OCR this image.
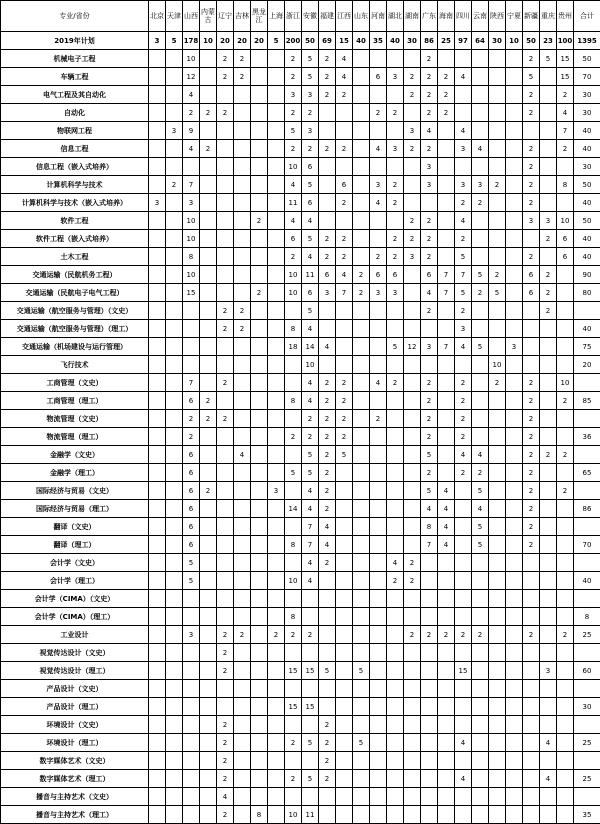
专业/省份	北京	天津	山西	内蒙古	辽宁	吉林	黑龙江	上海	浙江	安徽	福建	江西	山东	河南	湖北	湖南	广东	海南	四川	云南	陕西	宁夏	新疆	重庆	贵州	合计
2019年计划	3	5	178	10	20	20	20	5	200	50	69	15	40	35	40	30	86	25	97	64	30	10	50	23	100	1395
机械电子工程			10		2	2			2	5	2	4					2						2	5	15	50
车辆工程			12		2	2			2	5	2	4		6	3	2	2	2	4				5		15	70
电气工程及其自动化			4						3	3	2	2				2	2	2					2		2	30
自动化			2	2	2				2	2				2	2		2	2					2		4	30
物联网工程		3	9						5	3						3	4		4						7	40
信息工程			4	2					2	2	2	2		4	3	2	2		3	4			2		2	40
信息工程（嵌入式培养）									10	6							3						2			30
计算机科学与技术		2	7						4	5		6		3	2		3		3	3	2		2		8	50
计算机科学与技术（嵌入式培养）	3		3						11	6		2		4	2				2	2			2			40
软件工程			10				2		4	4						2	2		4				3	3	10	50
软件工程（嵌入式培养）			10						6	5	2	2			2	2	2		2					2	6	40
土木工程			8						2	4	2	2		2	2	3	2		5				2		6	40
交通运输（民航机务工程）			10						10	11	6	4	2	6	6		6	7	7	5	2		6	2		90
交通运输（民航电子电气工程）			15				2		10	6	3	7	2	3	3		4	7	5	2	5		6	2		80
交通运输（航空服务与管理）（文史）					2	2				5							2		2					2		
交通运输（航空服务与管理）（理工）					2	2			8	4									3							40
交通运输（机场建设与运行管理）									18	14	4				5	12	3	7	4	5		3				75
飞行技术										10											10					20
工商管理（文史）			7		2					4	2	2		4	2		2		2		2		2		10	
工商管理（理工）			6	2					8	4	2	2					2		2				2		2	85
物流管理（文史）			2	2	2					2	2	2		2			2		2				2			
物流管理（理工）			2						2	2	2	2					2		2				2			36
金融学（文史）			6			4				5	2	5					5		4	4			2	2	2	
金融学（理工）			6						5	5	2						2		2	2			2			65
国际经济与贸易（文史）			6	2				3		4	2						5	4		5			2		2	
国际经济与贸易（理工）			6						14	4	2						4	4		4			2			86
翻译（文史）			6							7	4						8	4		5			2			
翻译（理工）			6						8	7	4						7	4		5			2			70
会计学（文史）			5							4	2				4	2										
会计学（理工）			5						10	4					2	2										40
会计学（CIMA）（文史）																										
会计学（CIMA）（理工）									8																	8
工业设计			3		2	2		2	2	2						2	2	2	2	2			2		2	25
视觉传达设计（文史）					2																					
视觉传达设计（理工）					2				15	15	5		5						15					3		60
产品设计（文史）																										
产品设计（理工）									15	15																30
环境设计（文史）					2						2															
环境设计（理工）					2				2	5	2		5						4					4		25
数字媒体艺术（文史）					2						2															
数字媒体艺术（理工）					2				2	5	2								4					4		25
播音与主持艺术（文史）					4																					
播音与主持艺术（理工）					2		8		10	11																35
